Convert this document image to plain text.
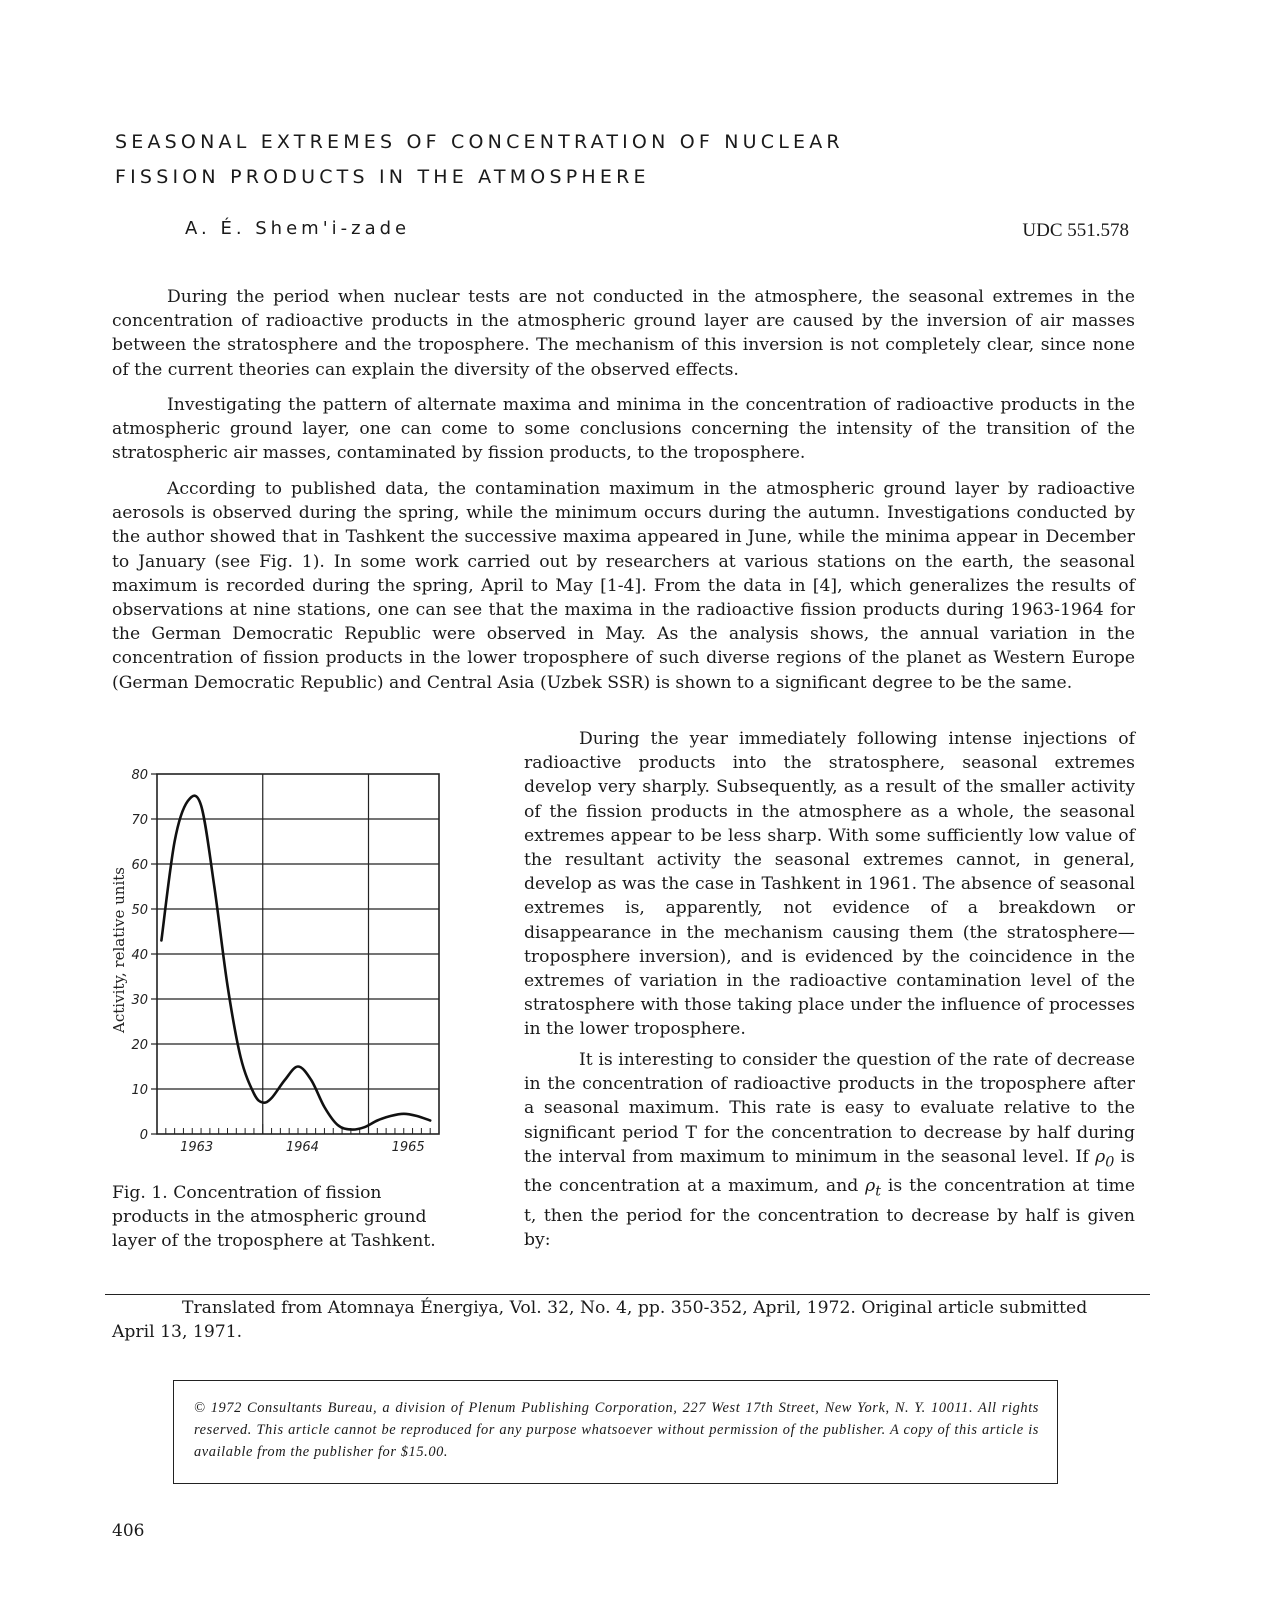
SEASONAL EXTREMES OF CONCENTRATION OF NUCLEAR
FISSION PRODUCTS IN THE ATMOSPHERE
A. É. Shem'i-zade	UDC 551.578

During the period when nuclear tests are not conducted in the atmosphere, the seasonal extremes in the concentration of radioactive products in the atmospheric ground layer are caused by the inversion of air masses between the stratosphere and the troposphere. The mechanism of this inversion is not completely clear, since none of the current theories can explain the diversity of the observed effects.

Investigating the pattern of alternate maxima and minima in the concentration of radioactive products in the atmospheric ground layer, one can come to some conclusions concerning the intensity of the transition of the stratospheric air masses, contaminated by fission products, to the troposphere.

According to published data, the contamination maximum in the atmospheric ground layer by radioactive aerosols is observed during the spring, while the minimum occurs during the autumn. Investigations conducted by the author showed that in Tashkent the successive maxima appeared in June, while the minima appear in December to January (see Fig. 1). In some work carried out by researchers at various stations on the earth, the seasonal maximum is recorded during the spring, April to May [1-4]. From the data in [4], which generalizes the results of observations at nine stations, one can see that the maxima in the radioactive fission products during 1963-1964 for the German Democratic Republic were observed in May. As the analysis shows, the annual variation in the concentration of fission products in the lower troposphere of such diverse regions of the planet as Western Europe (German Democratic Republic) and Central Asia (Uzbek SSR) is shown to a significant degree to be the same.

During the year immediately following intense injections of radioactive products into the stratosphere, seasonal extremes develop very sharply. Subsequently, as a result of the smaller activity of the fission products in the atmosphere as a whole, the seasonal extremes appear to be less sharp. With some sufficiently low value of the resultant activity the seasonal extremes cannot, in general, develop as was the case in Tashkent in 1961. The absence of seasonal extremes is, apparently, not evidence of a breakdown or disappearance in the mechanism causing them (the stratosphere—troposphere inversion), and is evidenced by the coincidence in the extremes of variation in the radioactive contamination level of the stratosphere with those taking place under the influence of processes in the lower troposphere.

It is interesting to consider the question of the rate of decrease in the concentration of radioactive products in the troposphere after a seasonal maximum. This rate is easy to evaluate relative to the significant period T for the concentration to decrease by half during the interval from maximum to minimum in the seasonal level. If $\rho_0$ is the concentration at a maximum, and $\rho_t$ is the concentration at time t, then the period for the concentration to decrease by half is given by:

0
10
20
30
40
50
60
70
80
1963	1964	1965
Activity, relative units

Fig. 1. Concentration of fission products in the atmospheric ground layer of the troposphere at Tashkent.

Translated from Atomnaya Énergiya, Vol. 32, No. 4, pp. 350-352, April, 1972. Original article submitted April 13, 1971.

© 1972 Consultants Bureau, a division of Plenum Publishing Corporation, 227 West 17th Street, New York, N. Y. 10011. All rights reserved. This article cannot be reproduced for any purpose whatsoever without permission of the publisher. A copy of this article is available from the publisher for $15.00.

406
